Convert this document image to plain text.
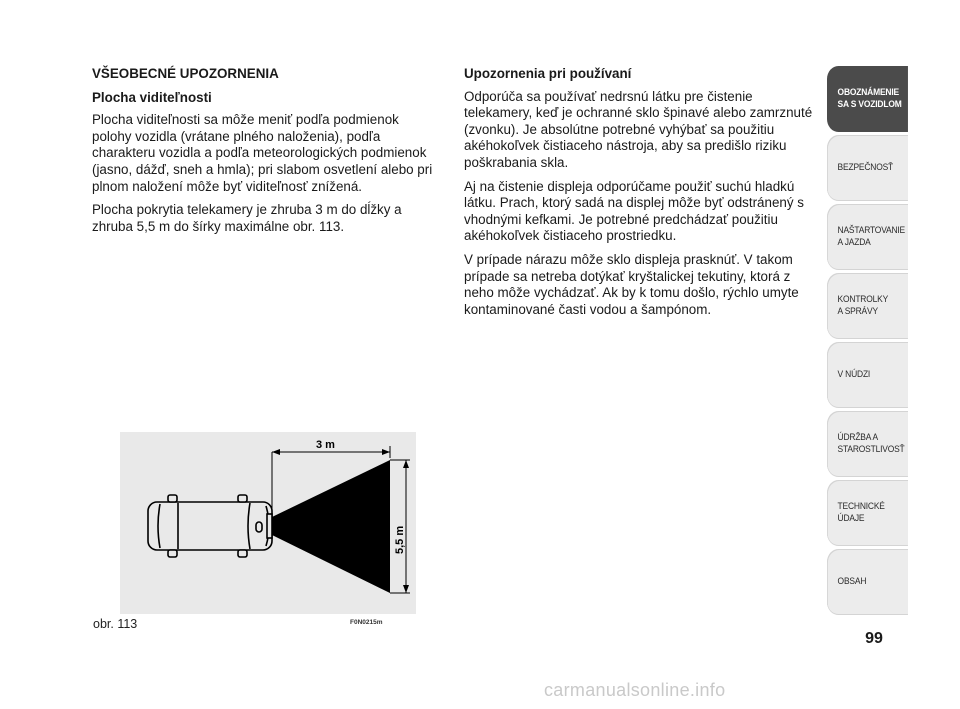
VŠEOBECNÉ UPOZORNENIA
Plocha viditeľnosti

Plocha viditeľnosti sa môže meniť podľa podmienok polohy vozidla (vrátane plného naloženia), podľa charakteru vozidla a podľa meteorologických podmienok (jasno, dážď, sneh a hmla); pri slabom osvetlení alebo pri plnom naložení môže byť viditeľnosť znížená.

Plocha pokrytia telekamery je zhruba 3 m do dĺžky a zhruba 5,5 m do šírky maximálne obr. 113.

Upozornenia pri používaní

Odporúča sa používať nedrsnú látku pre čistenie telekamery, keď je ochranné sklo špinavé alebo zamrznuté (zvonku). Je absolútne potrebné vyhýbať sa použitiu akéhokoľvek čistiaceho nástroja, aby sa predišlo riziku poškrabania skla.

Aj na čistenie displeja odporúčame použiť suchú hladkú látku. Prach, ktorý sadá na displej môže byť odstránený s vhodnými kefkami. Je potrebné predchádzať použitiu akéhokoľvek čistiaceho prostriedku.

V prípade nárazu môže sklo displeja prasknúť. V takom prípade sa netreba dotýkať kryštalickej tekutiny, ktorá z neho môže vychádzať. Ak by k tomu došlo, rýchlo umyte kontaminované časti vodou a šampónom.

3 m
5,5 m
F0N0215m
obr. 113
OBOZNÁMENIE
SA S VOZIDLOM
BEZPEČNOSŤ
NAŠTARTOVANIE
A JAZDA
KONTROLKY
A SPRÁVY
V NÚDZI
ÚDRŽBA A
STAROSTLIVOSŤ
TECHNICKÉ
ÚDAJE
OBSAH
99
carmanualsonline.info
